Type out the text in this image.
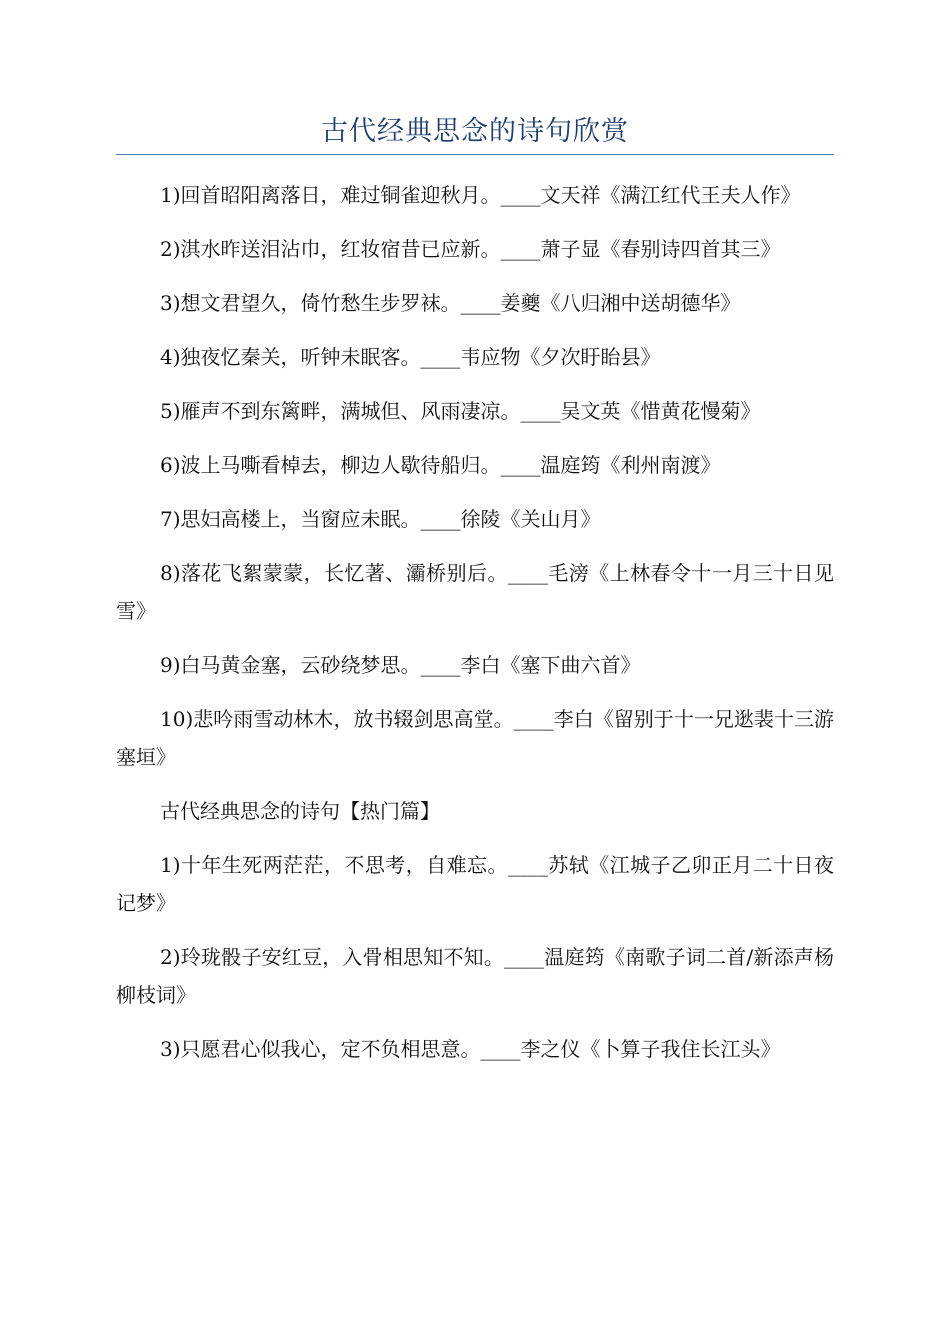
古代经典思念的诗句欣赏

1)回首昭阳离落日，难过铜雀迎秋月。____文天祥《满江红代王夫人作》

2)淇水昨送泪沾巾，红妆宿昔已应新。____萧子显《春别诗四首其三》

3)想文君望久，倚竹愁生步罗袜。____姜夔《八归湘中送胡德华》

4)独夜忆秦关，听钟未眠客。____韦应物《夕次盱眙县》

5)雁声不到东篱畔，满城但、风雨凄凉。____吴文英《惜黄花慢菊》

6)波上马嘶看棹去，柳边人歇待船归。____温庭筠《利州南渡》

7)思妇高楼上，当窗应未眠。____徐陵《关山月》

8)落花飞絮蒙蒙，长忆著、灞桥别后。____毛滂《上林春令十一月三十日见雪》

9)白马黄金塞，云砂绕梦思。____李白《塞下曲六首》

10)悲吟雨雪动林木，放书辍剑思高堂。____李白《留别于十一兄逖裴十三游塞垣》

古代经典思念的诗句【热门篇】

1)十年生死两茫茫，不思考，自难忘。____苏轼《江城子乙卯正月二十日夜记梦》

2)玲珑骰子安红豆，入骨相思知不知。____温庭筠《南歌子词二首/新添声杨柳枝词》

3)只愿君心似我心，定不负相思意。____李之仪《卜算子我住长江头》
